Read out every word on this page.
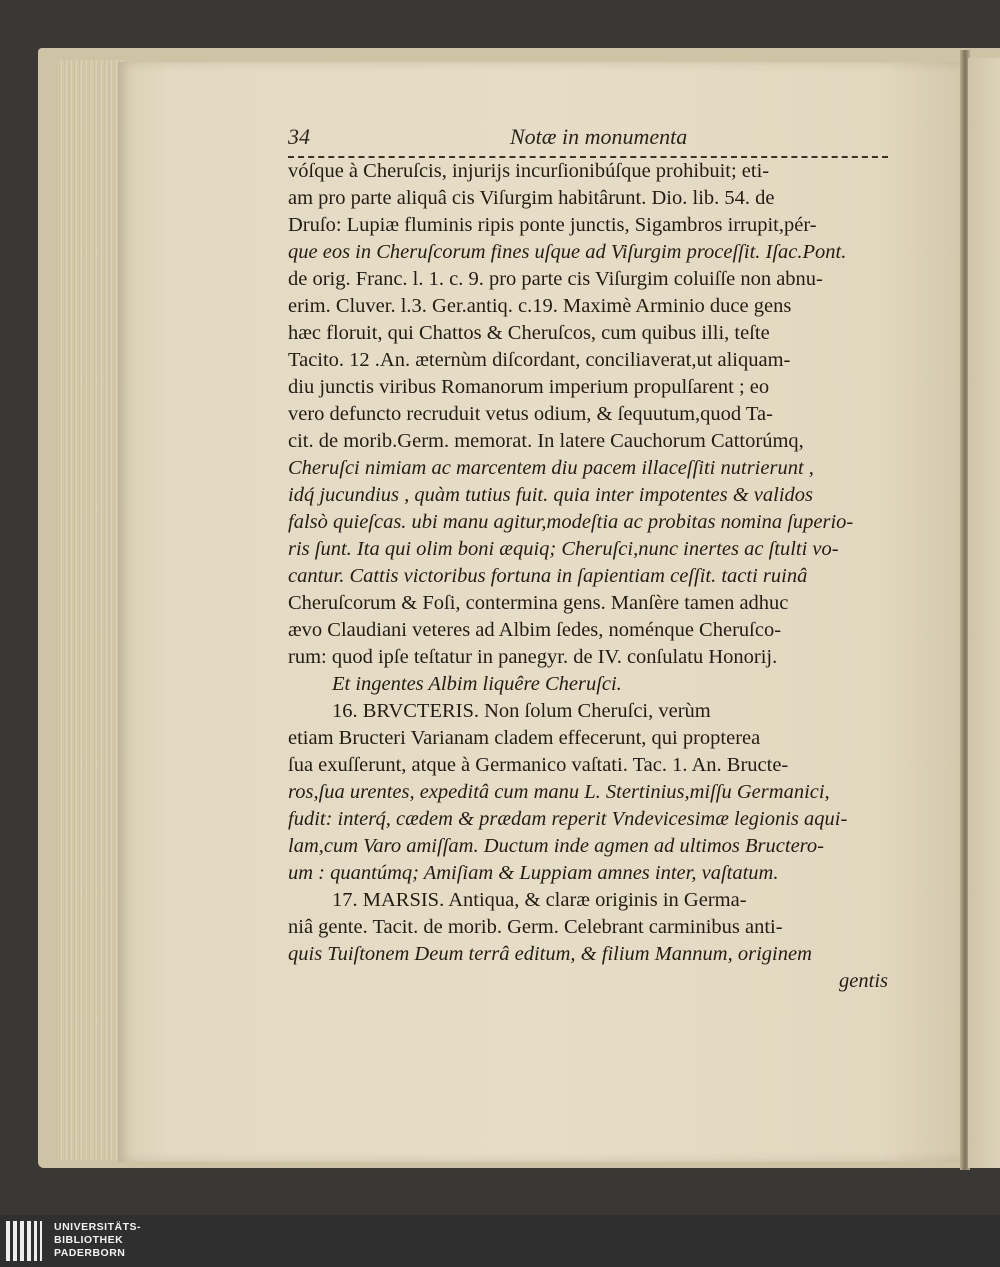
34	Notæ in monumenta
vóſque à Cheruſcis, injurijs incurſionibúſque prohibuit; eti-
am pro parte aliquâ cis Viſurgim habitârunt. Dio. lib. 54. de
Druſo: Lupiæ fluminis ripis ponte junctis, Sigambros irrupit,pér-
que eos in Cheruſcorum fines uſque ad Viſurgim proceſſit. Iſac.Pont.
de orig. Franc. l. 1. c. 9. pro parte cis Viſurgim coluiſſe non abnu-
erim. Cluver. l.3. Ger.antiq. c.19. Maximè Arminio duce gens
hæc floruit, qui Chattos & Cheruſcos, cum quibus illi, teſte
Tacito. 12 .An. æternùm diſcordant, conciliaverat,ut aliquam-
diu junctis viribus Romanorum imperium propulſarent ; eo
vero defuncto recruduit vetus odium, & ſequutum,quod Ta-
cit. de morib.Germ. memorat. In latere Cauchorum Cattorúmq,
Cheruſci nimiam ac marcentem diu pacem illaceſſiti nutrierunt ,
idq́ jucundius , quàm tutius fuit. quia inter impotentes & validos
falsò quieſcas. ubi manu agitur,modeſtia ac probitas nomina ſuperio-
ris ſunt. Ita qui olim boni æquiq; Cheruſci,nunc inertes ac ſtulti vo-
cantur. Cattis victoribus fortuna in ſapientiam ceſſit. tacti ruinâ
Cheruſcorum & Foſi, contermina gens. Manſère tamen adhuc
ævo Claudiani veteres ad Albim ſedes, noménque Cheruſco-
rum: quod ipſe teſtatur in panegyr. de IV. conſulatu Honorij.
Et ingentes Albim liquêre Cheruſci.
16. BRVCTERIS. Non ſolum Cheruſci, verùm
etiam Bructeri Varianam cladem effecerunt, qui propterea
ſua exuſſerunt, atque à Germanico vaſtati. Tac. 1. An. Bructe-
ros,ſua urentes, expeditâ cum manu L. Stertinius,miſſu Germanici,
fudit: interq́, cædem & prædam reperit Vndevicesimæ legionis aqui-
lam,cum Varo amiſſam. Ductum inde agmen ad ultimos Bructero-
um : quantúmq; Amiſiam & Luppiam amnes inter, vaſtatum.
17. MARSIS. Antiqua, & claræ originis in Germa-
niâ gente. Tacit. de morib. Germ. Celebrant carminibus anti-
quis Tuiſtonem Deum terrâ editum, & filium Mannum, originem
gentis
UNIVERSITÄTS-
BIBLIOTHEK
PADERBORN
